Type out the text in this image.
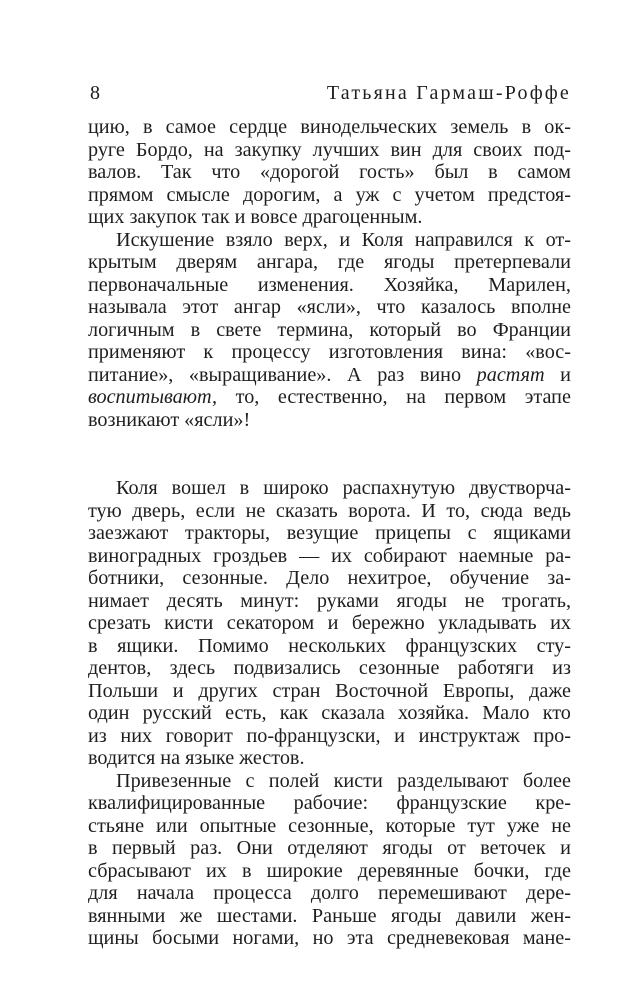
8	Татьяна Гармаш-Роффе
цию, в самое сердце винодельческих земель в ок-
руге Бордо, на закупку лучших вин для своих под-
валов. Так что «дорогой гость» был в самом
прямом смысле дорогим, а уж с учетом предстоя-
щих закупок так и вовсе драгоценным.
Искушение взяло верх, и Коля направился к от-
крытым дверям ангара, где ягоды претерпевали
первоначальные изменения. Хозяйка, Марилен,
называла этот ангар «ясли», что казалось вполне
логичным в свете термина, который во Франции
применяют к процессу изготовления вина: «вос-
питание», «выращивание». А раз вино растят и
воспитывают, то, естественно, на первом этапе
возникают «ясли»!
Коля вошел в широко распахнутую двустворча-
тую дверь, если не сказать ворота. И то, сюда ведь
заезжают тракторы, везущие прицепы с ящиками
виноградных гроздьев — их собирают наемные ра-
ботники, сезонные. Дело нехитрое, обучение за-
нимает десять минут: руками ягоды не трогать,
срезать кисти секатором и бережно укладывать их
в ящики. Помимо нескольких французских сту-
дентов, здесь подвизались сезонные работяги из
Польши и других стран Восточной Европы, даже
один русский есть, как сказала хозяйка. Мало кто
из них говорит по-французски, и инструктаж про-
водится на языке жестов.
Привезенные с полей кисти разделывают более
квалифицированные рабочие: французские кре-
стьяне или опытные сезонные, которые тут уже не
в первый раз. Они отделяют ягоды от веточек и
сбрасывают их в широкие деревянные бочки, где
для начала процесса долго перемешивают дере-
вянными же шестами. Раньше ягоды давили жен-
щины босыми ногами, но эта средневековая мане-
